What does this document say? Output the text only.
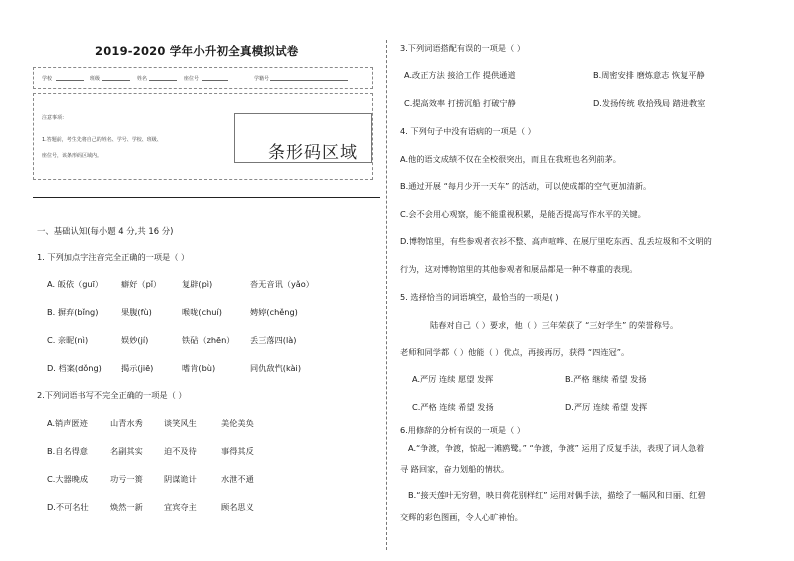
2019-2020 学年小升初全真模拟试卷
学校	班级	姓名	座位号	学籍号
注意事项：
1.答题前，考生先将自己的姓名、学号、学校、班级、
座位号，该条形码区域内。	条形码区域
一、基础认知(每小题 4 分,共 16 分)
1. 下列加点字注音完全正确的一项是（ ）
A. 皈依（guī） 癖好（pǐ）	复辟(pì)	沓无音讯（yǎo）
B. 摒弃(bǐng)	果腹(fù)	喉咙(chuí)	娉婷(chěng)
C. 亲昵(nì)	娱妙(jí)	铁砧（zhēn） 丢三落四(là)
D. 档案(dǒng) 揭示(jiē)	嗜肯(bù)	同仇敌忾(kài)
2.下列词语书写不完全正确的一项是（ ）
A.销声匿迹	山青水秀	谈笑风生	美伦美奂
B.自名得意	名副其实	迫不及待	事得其反
C.大器晚成	功亏一篑	阴谋诡计	水泄不通
D.不可名壮	焕然一新	宜宾夺主	顾名思义
3.下列词语搭配有误的一项是（ ）
A.改正方法 接洽工作 提供通道	B.周密安排 磨炼意志 恢复平静
C.提高效率 打捞沉船 打破宁静	D.发扬传统 收拾残局 踏进教室
4. 下列句子中没有语病的一项是（ ）
A.他的语文成绩不仅在全校很突出，而且在我班也名列前茅。
B.通过开展 “每月少开一天车” 的活动，可以使成都的空气更加清新。
C.会不会用心观察，能不能重视积累，是能否提高写作水平的关键。
D.博物馆里，有些参观者衣衫不整、高声喧哗、在展厅里吃东西、乱丢垃圾和不文明的
行为，这对博物馆里的其他参观者和展品都是一种不尊重的表现。
5. 选择恰当的词语填空，最恰当的一项是( )
陆春对自己（ ）要求，他（ ）三年荣获了 “三好学生” 的荣誉称号。
老师和同学都（ ）他能（ ）优点，再接再厉，获得 “四连冠”。
A.严厉 连续 愿望 发挥	B.严格 继续 希望 发扬
C.严格 连续 希望 发扬	D.严厉 连续 希望 发挥
6.用修辞的分析有误的一项是（ ）
A.“争渡，争渡，惊起一滩鸥鹭。” “争渡，争渡” 运用了反复手法，表现了词人急着
寻 路回家，奋力划船的情状。
B.“接天莲叶无穷碧，映日荷花别样红” 运用对偶手法，描绘了一幅风和日丽、红碧
交辉的彩色图画，令人心旷神怡。
